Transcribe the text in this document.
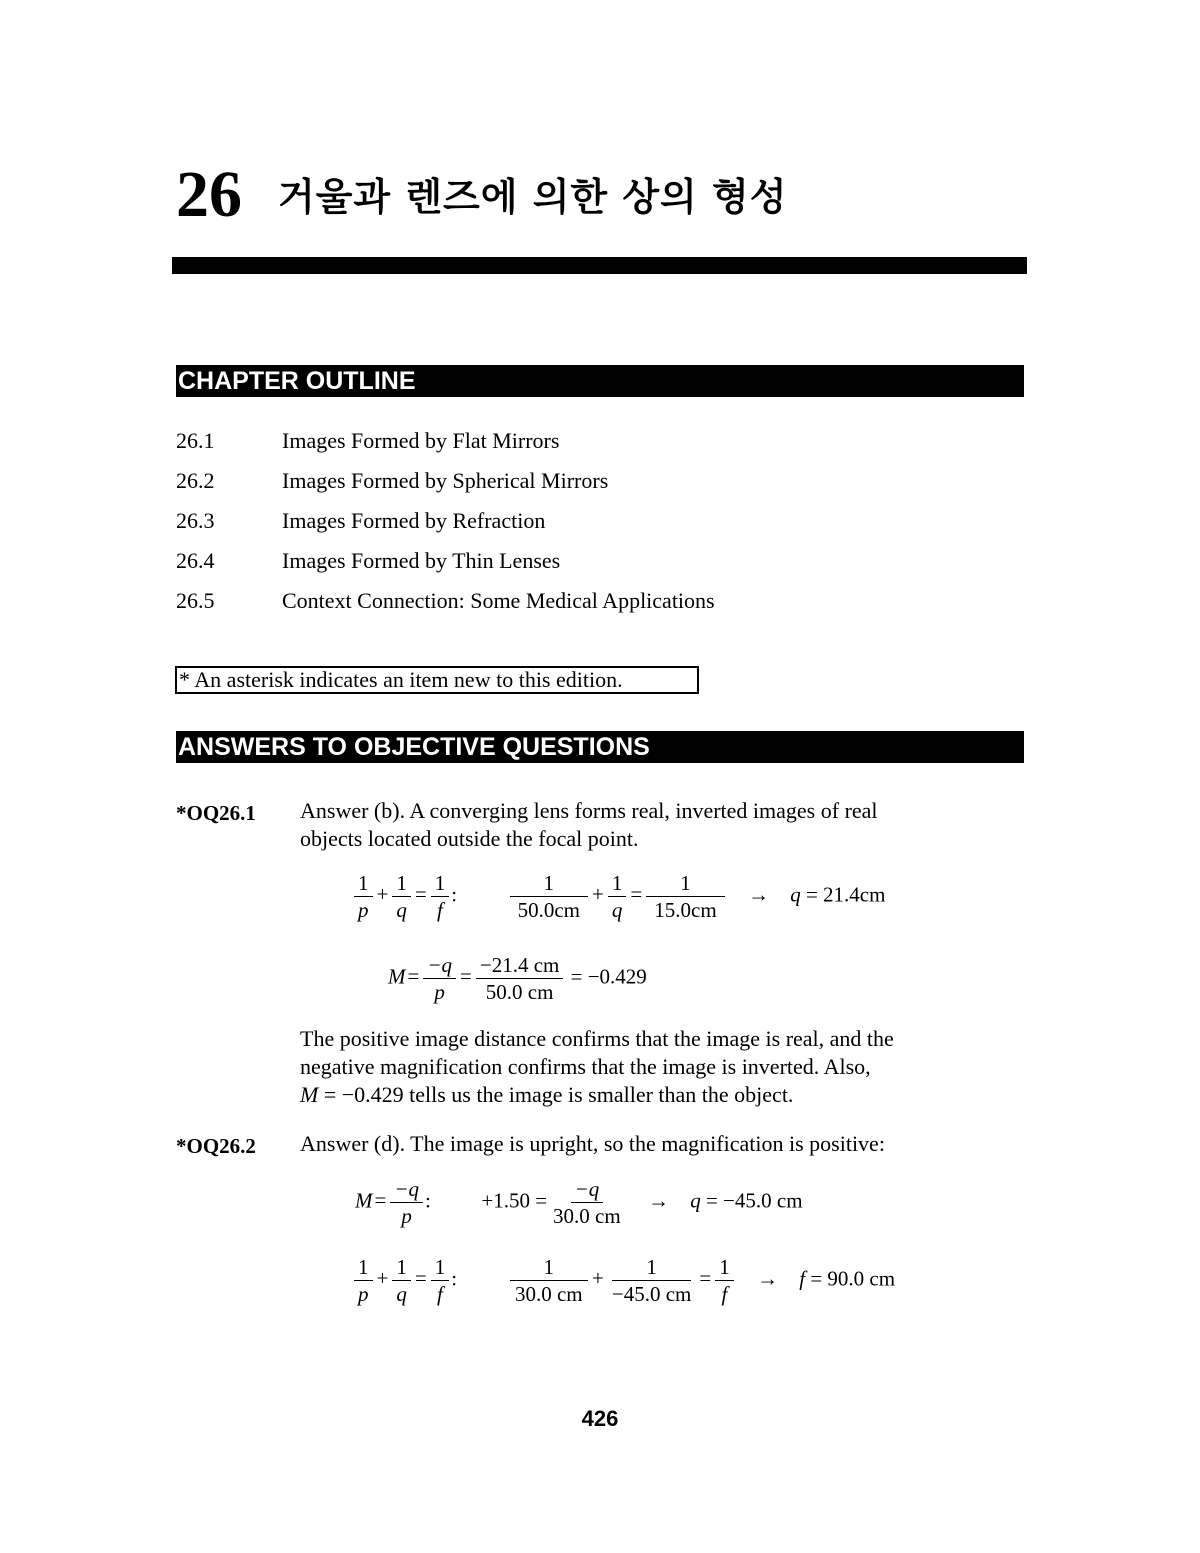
26 거울과 렌즈에 의한 상의 형성
CHAPTER OUTLINE
26.1	Images Formed by Flat Mirrors
26.2	Images Formed by Spherical Mirrors
26.3	Images Formed by Refraction
26.4	Images Formed by Thin Lenses
26.5	Context Connection: Some Medical Applications
* An asterisk indicates an item new to this edition.
ANSWERS TO OBJECTIVE QUESTIONS
*OQ26.1 Answer (b). A converging lens forms real, inverted images of real
objects located outside the focal point.
$\frac{1}{p} + \frac{1}{q} = \frac{1}{f}$ :	$\frac{1}{50.0cm} + \frac{1}{q} = \frac{1}{15.0cm} \to q = 21.4cm$
$M= \frac{-q}{p} = \frac{-21.4 cm}{50.0 cm} = -0.429$
The positive image distance confirms that the image is real, and the
negative magnification confirms that the image is inverted. Also,
M = −0.429 tells us the image is smaller than the object.
*OQ26.2 Answer (d). The image is upright, so the magnification is positive:
$M= \frac{-q}{p}$ : $+1.50 = \frac{-q}{30.0 cm} \to q = -45.0$ cm
$\frac{1}{p} + \frac{1}{q} = \frac{1}{f}$ :	$\frac{1}{30.0 cm} + \frac{1}{-45.0 cm} = \frac{1}{f} \to f = 90.0$ cm
426
